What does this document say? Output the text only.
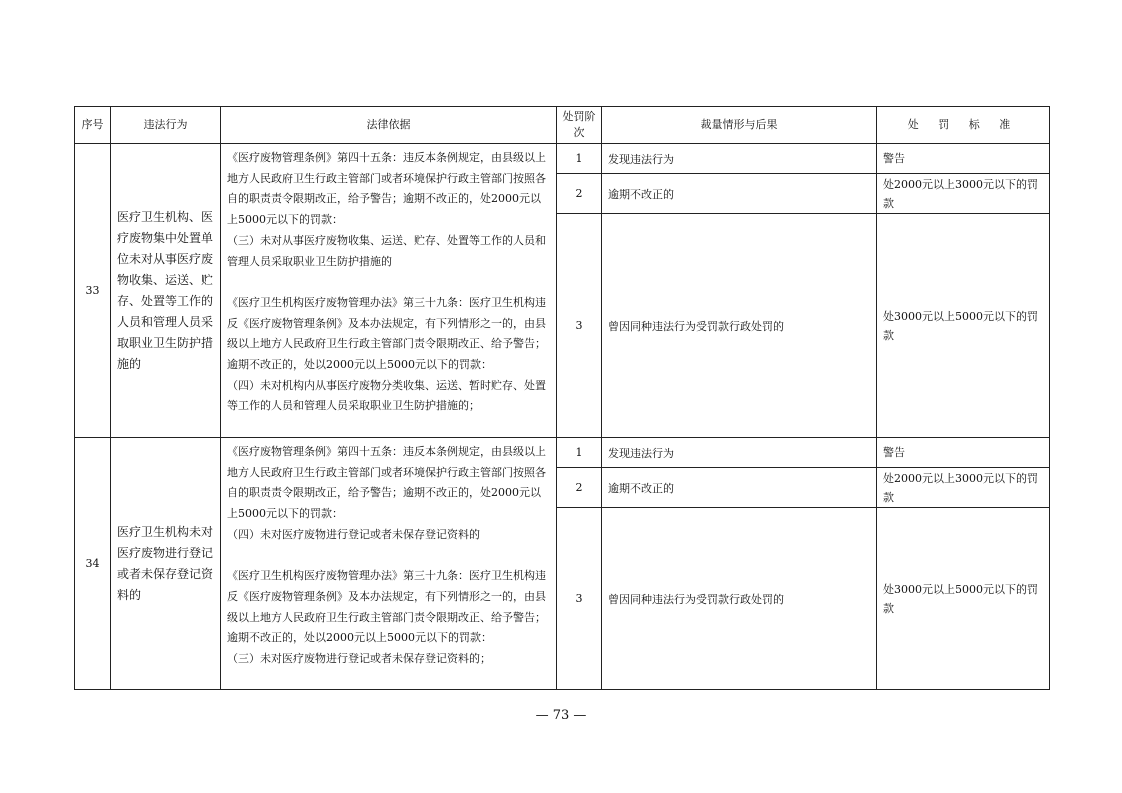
序号	违法行为	法律依据	处罚阶次	裁量情形与后果	处 罚 标 准
33	医疗卫生机构、医疗废物集中处置单位未对从事医疗废物收集、运送、贮存、处置等工作的人员和管理人员采取职业卫生防护措施的	《医疗废物管理条例》第四十五条：违反本条例规定，由县级以上地方人民政府卫生行政主管部门或者环境保护行政主管部门按照各自的职责责令限期改正，给予警告；逾期不改正的，处2000元以上5000元以下的罚款：
（三）未对从事医疗废物收集、运送、贮存、处置等工作的人员和管理人员采取职业卫生防护措施的

《医疗卫生机构医疗废物管理办法》第三十九条：医疗卫生机构违反《医疗废物管理条例》及本办法规定，有下列情形之一的，由县级以上地方人民政府卫生行政主管部门责令限期改正、给予警告；逾期不改正的，处以2000元以上5000元以下的罚款：
（四）未对机构内从事医疗废物分类收集、运送、暂时贮存、处置等工作的人员和管理人员采取职业卫生防护措施的；	1	发现违法行为	警告
			2	逾期不改正的	处2000元以上3000元以下的罚款
			3	曾因同种违法行为受罚款行政处罚的	处3000元以上5000元以下的罚款
34	医疗卫生机构未对医疗废物进行登记或者未保存登记资料的	《医疗废物管理条例》第四十五条：违反本条例规定，由县级以上地方人民政府卫生行政主管部门或者环境保护行政主管部门按照各自的职责责令限期改正，给予警告；逾期不改正的，处2000元以上5000元以下的罚款：
（四）未对医疗废物进行登记或者未保存登记资料的

《医疗卫生机构医疗废物管理办法》第三十九条：医疗卫生机构违反《医疗废物管理条例》及本办法规定，有下列情形之一的，由县级以上地方人民政府卫生行政主管部门责令限期改正、给予警告；逾期不改正的，处以2000元以上5000元以下的罚款：
（三）未对医疗废物进行登记或者未保存登记资料的；	1	发现违法行为	警告
			2	逾期不改正的	处2000元以上3000元以下的罚款
			3	曾因同种违法行为受罚款行政处罚的	处3000元以上5000元以下的罚款
— 73 —
